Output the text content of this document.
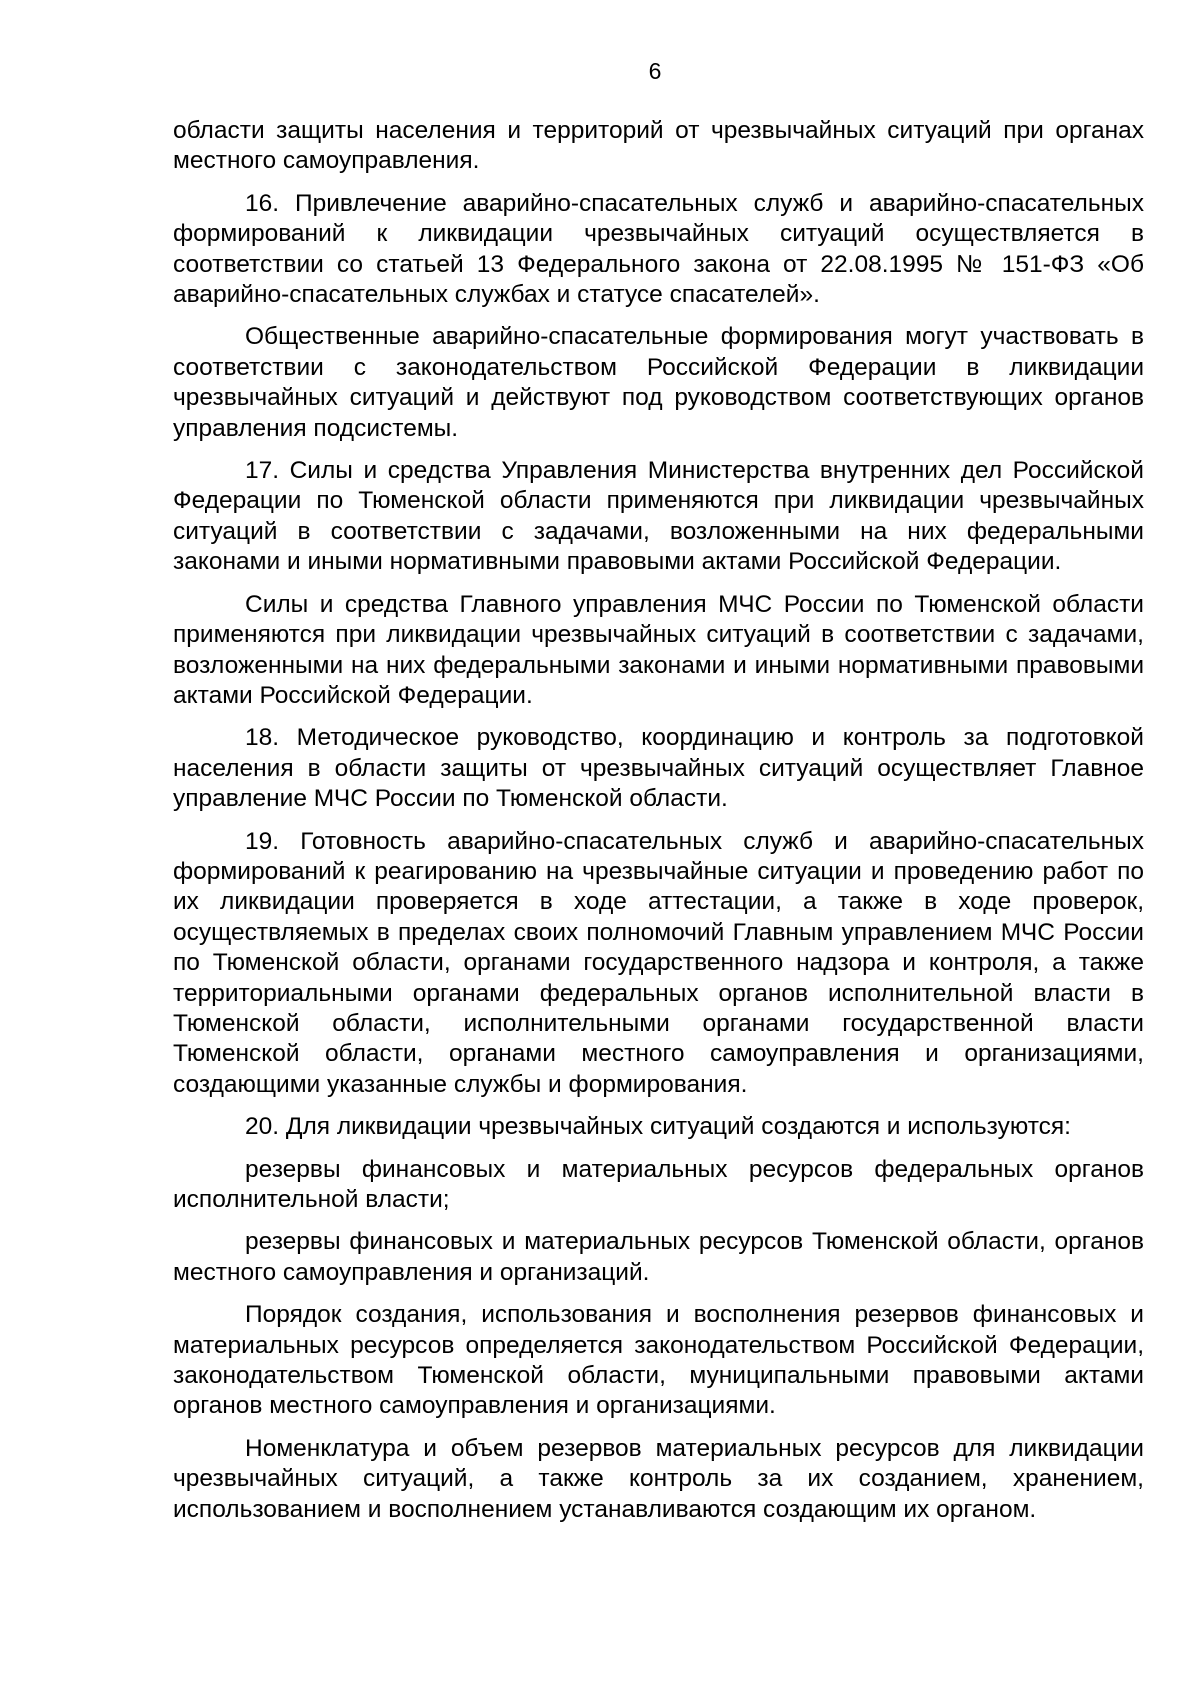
6

области защиты населения и территорий от чрезвычайных ситуаций при органах местного самоуправления.

16. Привлечение аварийно-спасательных служб и аварийно-спасательных формирований к ликвидации чрезвычайных ситуаций осуществляется в соответствии со статьей 13 Федерального закона от 22.08.1995 № 151-ФЗ «Об аварийно-спасательных службах и статусе спасателей».

Общественные аварийно-спасательные формирования могут участвовать в соответствии с законодательством Российской Федерации в ликвидации чрезвычайных ситуаций и действуют под руководством соответствующих органов управления подсистемы.

17. Силы и средства Управления Министерства внутренних дел Российской Федерации по Тюменской области применяются при ликвидации чрезвычайных ситуаций в соответствии с задачами, возложенными на них федеральными законами и иными нормативными правовыми актами Российской Федерации.

Силы и средства Главного управления МЧС России по Тюменской области применяются при ликвидации чрезвычайных ситуаций в соответствии с задачами, возложенными на них федеральными законами и иными нормативными правовыми актами Российской Федерации.

18. Методическое руководство, координацию и контроль за подготовкой населения в области защиты от чрезвычайных ситуаций осуществляет Главное управление МЧС России по Тюменской области.

19. Готовность аварийно-спасательных служб и аварийно-спасательных формирований к реагированию на чрезвычайные ситуации и проведению работ по их ликвидации проверяется в ходе аттестации, а также в ходе проверок, осуществляемых в пределах своих полномочий Главным управлением МЧС России по Тюменской области, органами государственного надзора и контроля, а также территориальными органами федеральных органов исполнительной власти в Тюменской области, исполнительными органами государственной власти Тюменской области, органами местного самоуправления и организациями, создающими указанные службы и формирования.

20. Для ликвидации чрезвычайных ситуаций создаются и используются:

резервы финансовых и материальных ресурсов федеральных органов исполнительной власти;

резервы финансовых и материальных ресурсов Тюменской области, органов местного самоуправления и организаций.

Порядок создания, использования и восполнения резервов финансовых и материальных ресурсов определяется законодательством Российской Федерации, законодательством Тюменской области, муниципальными правовыми актами органов местного самоуправления и организациями.

Номенклатура и объем резервов материальных ресурсов для ликвидации чрезвычайных ситуаций, а также контроль за их созданием, хранением, использованием и восполнением устанавливаются создающим их органом.
